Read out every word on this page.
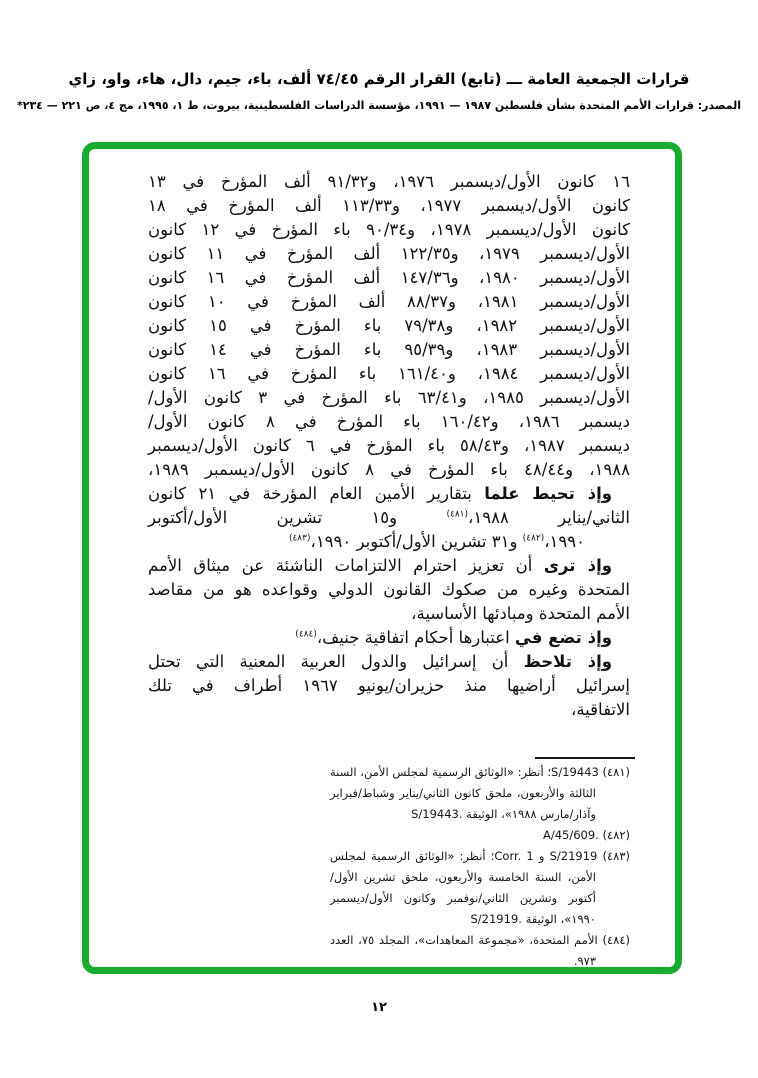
قرارات الجمعية العامة ـــ (تابع) القرار الرقم ٧٤/٤٥ ألف، باء، جيم، دال، هاء، واو، زاي
المصدر: قرارات الأمم المتحدة بشأن فلسطين ١٩٨٧ — ١٩٩١، مؤسسة الدراسات الفلسطينية، بيروت، ط ١، ١٩٩٥، مج ٤، ص ٢٢١ — ٢٣٤*
١٦ كانون الأول/ديسمبر ١٩٧٦، و٩١/٣٢ ألف المؤرخ في ١٣
كانون الأول/ديسمبر ١٩٧٧، و١١٣/٣٣ ألف المؤرخ في ١٨
كانون الأول/ديسمبر ١٩٧٨، و٩٠/٣٤ باء المؤرخ في ١٢ كانون
الأول/ديسمبر ١٩٧٩، و١٢٢/٣٥ ألف المؤرخ في ١١ كانون
الأول/ديسمبر ١٩٨٠، و١٤٧/٣٦ ألف المؤرخ في ١٦ كانون
الأول/ديسمبر ١٩٨١، و٨٨/٣٧ ألف المؤرخ في ١٠ كانون
الأول/ديسمبر ١٩٨٢، و٧٩/٣٨ باء المؤرخ في ١٥ كانون
الأول/ديسمبر ١٩٨٣، و٩٥/٣٩ باء المؤرخ في ١٤ كانون
الأول/ديسمبر ١٩٨٤، و١٦١/٤٠ باء المؤرخ في ١٦ كانون
الأول/ديسمبر ١٩٨٥، و٦٣/٤١ باء المؤرخ في ٣ كانون الأول/
ديسمبر ١٩٨٦، و١٦٠/٤٢ باء المؤرخ في ٨ كانون الأول/
ديسمبر ١٩٨٧، و٥٨/٤٣ باء المؤرخ في ٦ كانون الأول/ديسمبر
١٩٨٨، و٤٨/٤٤ باء المؤرخ في ٨ كانون الأول/ديسمبر ١٩٨٩،
وإذ تحيط علما بتقارير الأمين العام المؤرخة في ٢١ كانون
الثاني/يناير ١٩٨٨،$^{(٤٨١)}$ و١٥ تشرين الأول/أكتوبر
١٩٩٠،$^{(٤٨٢)}$ و٣١ تشرين الأول/أكتوبر ١٩٩٠،$^{(٤٨٣)}$
وإذ ترى أن تعزيز احترام الالتزامات الناشئة عن ميثاق الأمم
المتحدة وغيره من صكوك القانون الدولي وقواعده هو من مقاصد
الأمم المتحدة ومبادئها الأساسية،
وإذ تضع في اعتبارها أحكام اتفاقية جنيف،$^{(٤٨٤)}$
وإذ تلاحظ أن إسرائيل والدول العربية المعنية التي تحتل
إسرائيل أراضيها منذ حزيران/يونيو ١٩٦٧ أطراف في تلك
الاتفاقية،

(٤٨١) ‎S/19443‎؛ أنظر: «الوثائق الرسمية لمجلس الأمن، السنة الثالثة والأربعون، ملحق كانون الثاني/يناير وشباط/فبراير وآذار/مارس ١٩٨٨»، الوثيقة ‎S/19443.‎

(٤٨٢) ‎A/45/609.‎

(٤٨٣) ‎S/21919‎ و ‎Corr. 1‎؛ أنظر: «الوثائق الرسمية لمجلس الأمن، السنة الخامسة والأربعون، ملحق تشرين الأول/أكتوبر وتشرين الثاني/نوفمبر وكانون الأول/ديسمبر ١٩٩٠»، الوثيقة ‎S/21919.‎

(٤٨٤) الأمم المتحدة، «مجموعة المعاهدات»، المجلد ٧٥، العدد ٩٧٣.

١٢
